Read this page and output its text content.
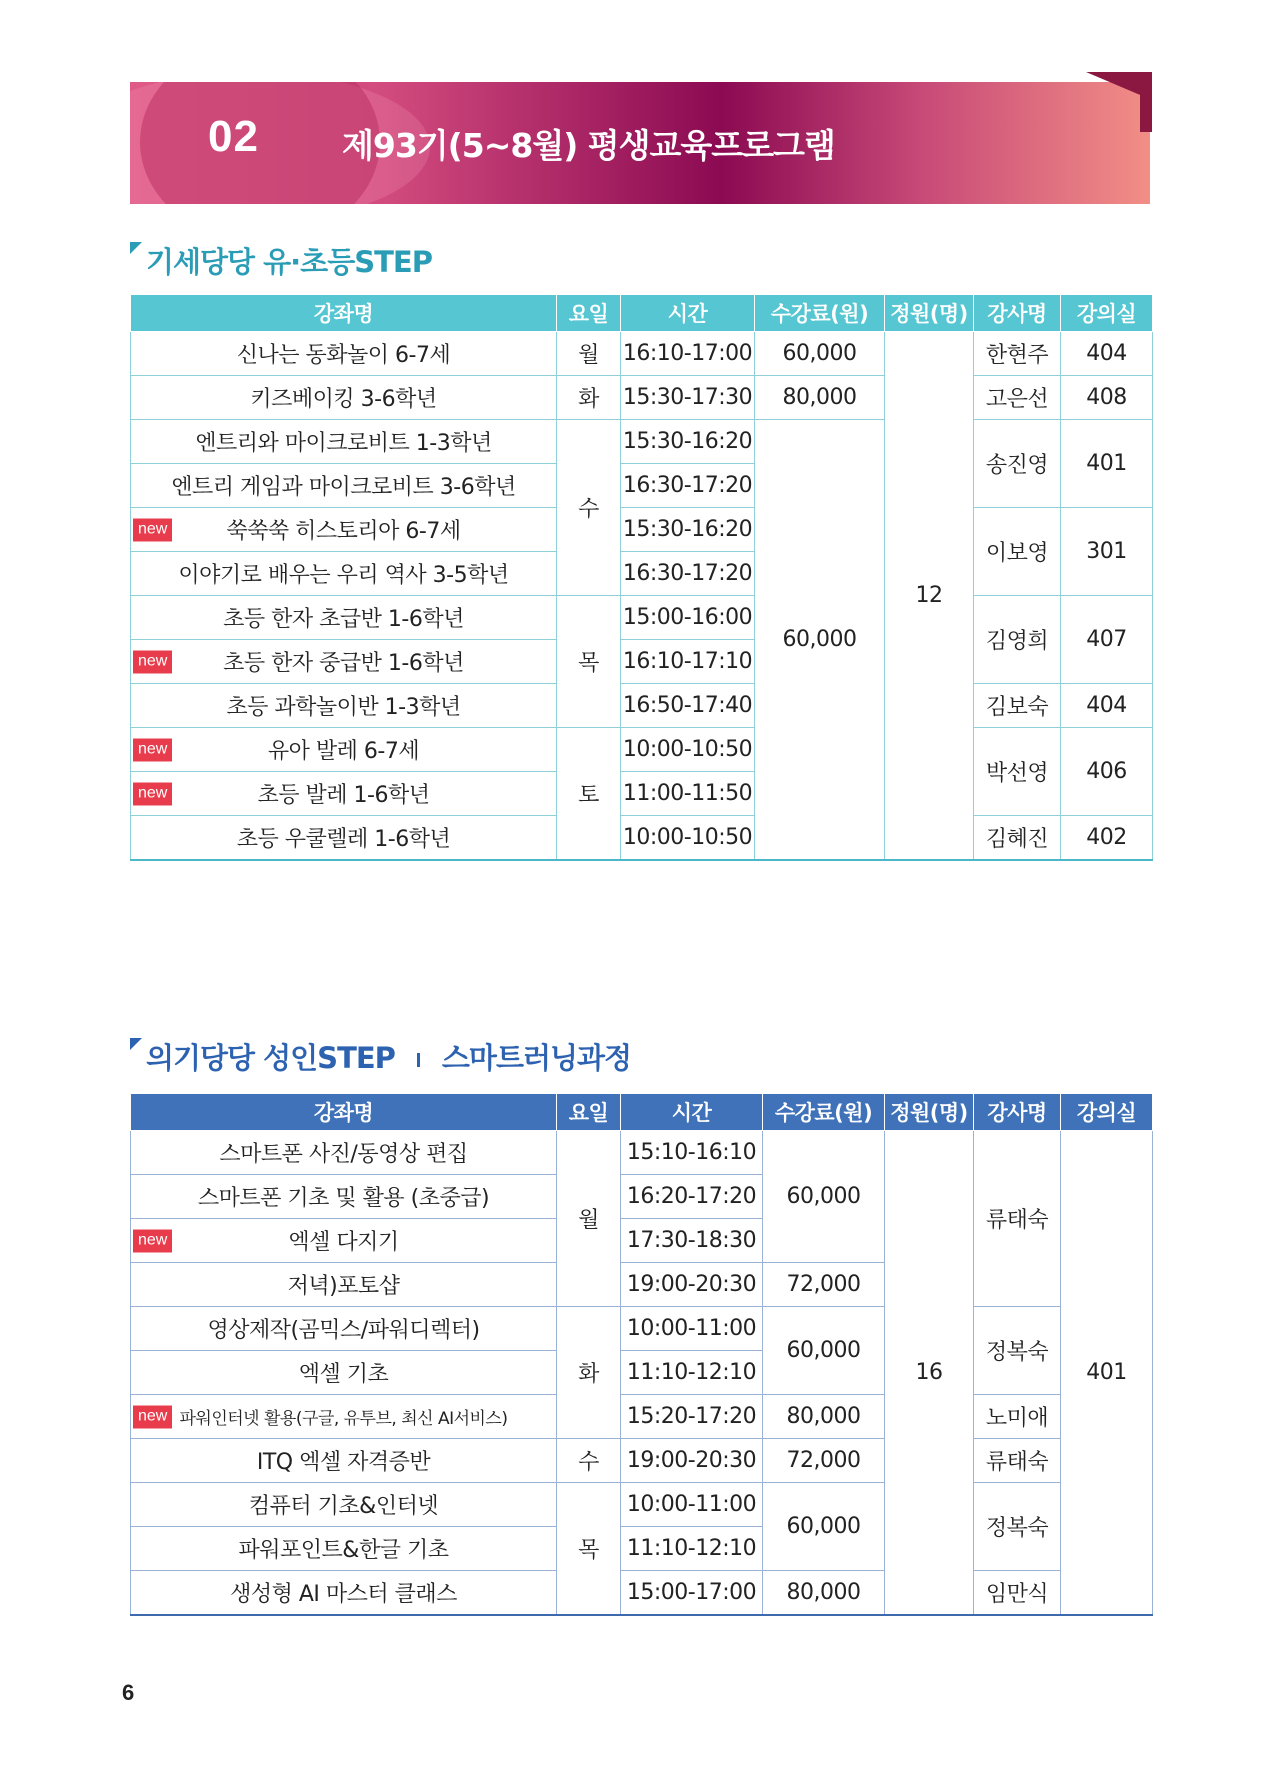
02	제93기(5~8월) 평생교육프로그램
기세당당 유·초등STEP
강좌명	요일	시간	수강료(원)	정원(명)	강사명	강의실
신나는 동화놀이 6-7세	월	16:10-17:00	60,000	12	한현주	404
키즈베이킹 3-6학년	화	15:30-17:30	80,000		고은선	408
엔트리와 마이크로비트 1-3학년	수	15:30-16:20	60,000		송진영	401
엔트리 게임과 마이크로비트 3-6학년		16:30-17:20				

new 쑥쑥쑥 히스토리아 6-7세		15:30-16:20			이보영	301
이야기로 배우는 우리 역사 3-5학년		16:30-17:20				
초등 한자 초급반 1-6학년	목	15:00-16:00			김영희	407

new 초등 한자 중급반 1-6학년		16:10-17:10				
초등 과학놀이반 1-3학년		16:50-17:40			김보숙	404

new 유아 발레 6-7세	토	10:00-10:50			박선영	406

new 초등 발레 1-6학년		11:00-11:50				
초등 우쿨렐레 1-6학년		10:00-10:50			김혜진	402
의기당당 성인STEP 스마트러닝과정
강좌명	요일	시간	수강료(원)	정원(명)	강사명	강의실
스마트폰 사진/동영상 편집	월	15:10-16:10	60,000	16	류태숙	401
스마트폰 기초 및 활용 (초중급)		16:20-17:20				

new 엑셀 다지기		17:30-18:30				
저녁)포토샵		19:00-20:30	72,000			
영상제작(곰믹스/파워디렉터)	화	10:00-11:00	60,000		정복숙	
엑셀 기초		11:10-12:10				

new 파워인터넷 활용(구글, 유투브, 최신 AI서비스)		15:20-17:20	80,000		노미애	
ITQ 엑셀 자격증반	수	19:00-20:30	72,000		류태숙	
컴퓨터 기초&인터넷	목	10:00-11:00	60,000		정복숙	
파워포인트&한글 기초		11:10-12:10				
생성형 AI 마스터 클래스		15:00-17:00	80,000		임만식	
6
